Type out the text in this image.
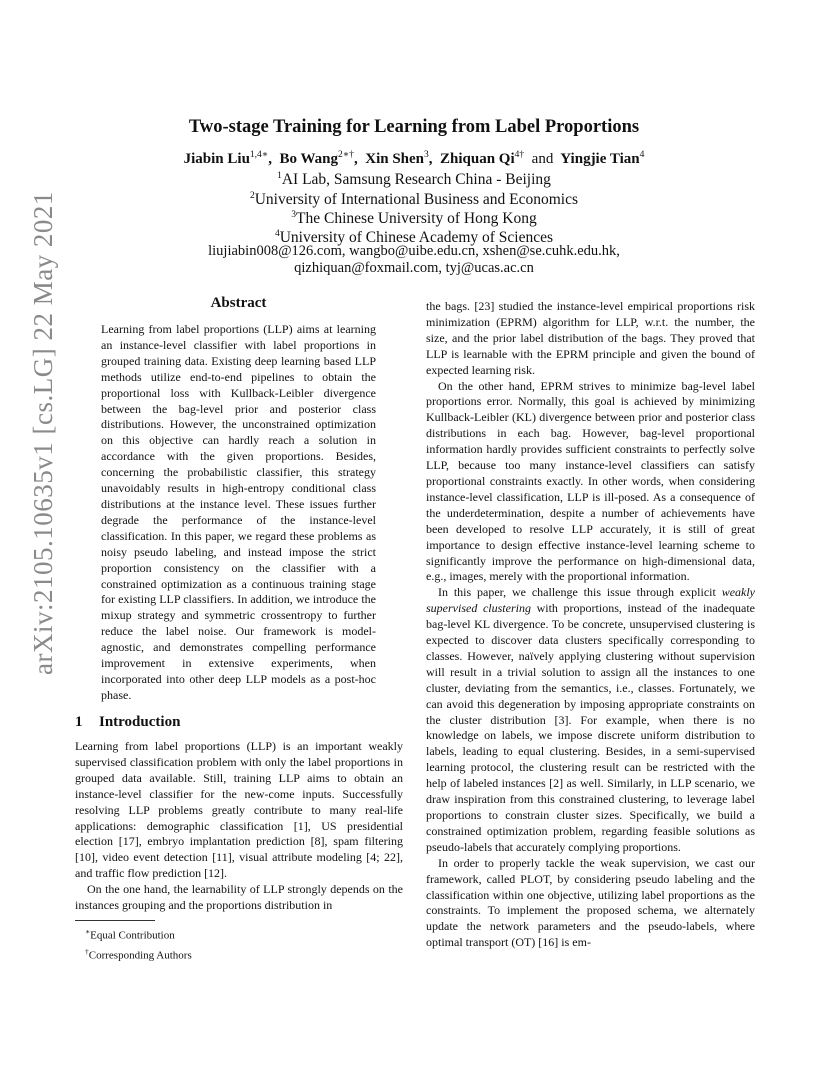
arXiv:2105.10635v1 [cs.LG] 22 May 2021
Two-stage Training for Learning from Label Proportions
Jiabin Liu$^{1,4∗}$,  Bo Wang$^{2∗\dagger}$,  Xin Shen$^3$,  Zhiquan $Qi^{4\dagger}$ and Yingjie Tian$^4$
$^1$AI Lab, Samsung Research China - Beijing
$^2$University of International Business and Economics
$^3$The Chinese University of Hong Kong
$^4$University of Chinese Academy of Sciences
liujiabin008@126.com, wangbo@uibe.edu.cn, xshen@se.cuhk.edu.hk,
qizhiquan@foxmail.com, tyj@ucas.ac.cn
Abstract
Learning from label proportions (LLP) aims at learning an instance-level classifier with label proportions in grouped training data. Existing deep learning based LLP methods utilize end-to-end pipelines to obtain the proportional loss with Kullback-Leibler divergence between the bag-level prior and posterior class distributions. However, the unconstrained optimization on this objective can hardly reach a solution in accordance with the given proportions. Besides, concerning the probabilistic classifier, this strategy unavoidably results in high-entropy conditional class distributions at the instance level. These issues further degrade the performance of the instance-level classification. In this paper, we regard these problems as noisy pseudo labeling, and instead impose the strict proportion consistency on the classifier with a constrained optimization as a continuous training stage for existing LLP classifiers. In addition, we introduce the mixup strategy and symmetric crossentropy to further reduce the label noise. Our framework is model-agnostic, and demonstrates compelling performance improvement in extensive experiments, when incorporated into other deep LLP models as a post-hoc phase.
1 Introduction

Learning from label proportions (LLP) is an important weakly supervised classification problem with only the label proportions in grouped data available. Still, training LLP aims to obtain an instance-level classifier for the new-come inputs. Successfully resolving LLP problems greatly contribute to many real-life applications: demographic classification [1], US presidential election [17], embryo implantation prediction [8], spam filtering [10], video event detection [11], visual attribute modeling [4; 22], and traffic flow prediction [12].

On the one hand, the learnability of LLP strongly depends on the instances grouping and the proportions distribution in

∗Equal Contribution
†Corresponding Authors

the bags. [23] studied the instance-level empirical proportions risk minimization (EPRM) algorithm for LLP, w.r.t. the number, the size, and the prior label distribution of the bags. They proved that LLP is learnable with the EPRM principle and given the bound of expected learning risk.

On the other hand, EPRM strives to minimize bag-level label proportions error. Normally, this goal is achieved by minimizing Kullback-Leibler (KL) divergence between prior and posterior class distributions in each bag. However, bag-level proportional information hardly provides sufficient constraints to perfectly solve LLP, because too many instance-level classifiers can satisfy proportional constraints exactly. In other words, when considering instance-level classification, LLP is ill-posed. As a consequence of the underdetermination, despite a number of achievements have been developed to resolve LLP accurately, it is still of great importance to design effective instance-level learning scheme to significantly improve the performance on high-dimensional data, e.g., images, merely with the proportional information.

In this paper, we challenge this issue through explicit weakly supervised clustering with proportions, instead of the inadequate bag-level KL divergence. To be concrete, unsupervised clustering is expected to discover data clusters specifically corresponding to classes. However, naïvely applying clustering without supervision will result in a trivial solution to assign all the instances to one cluster, deviating from the semantics, i.e., classes. Fortunately, we can avoid this degeneration by imposing appropriate constraints on the cluster distribution [3]. For example, when there is no knowledge on labels, we impose discrete uniform distribution to labels, leading to equal clustering. Besides, in a semi-supervised learning protocol, the clustering result can be restricted with the help of labeled instances [2] as well. Similarly, in LLP scenario, we draw inspiration from this constrained clustering, to leverage label proportions to constrain cluster sizes. Specifically, we build a constrained optimization problem, regarding feasible solutions as pseudo-labels that accurately complying proportions.

In order to properly tackle the weak supervision, we cast our framework, called PLOT, by considering pseudo labeling and the classification within one objective, utilizing label proportions as the constraints. To implement the proposed schema, we alternately update the network parameters and the pseudo-labels, where optimal transport (OT) [16] is em-
